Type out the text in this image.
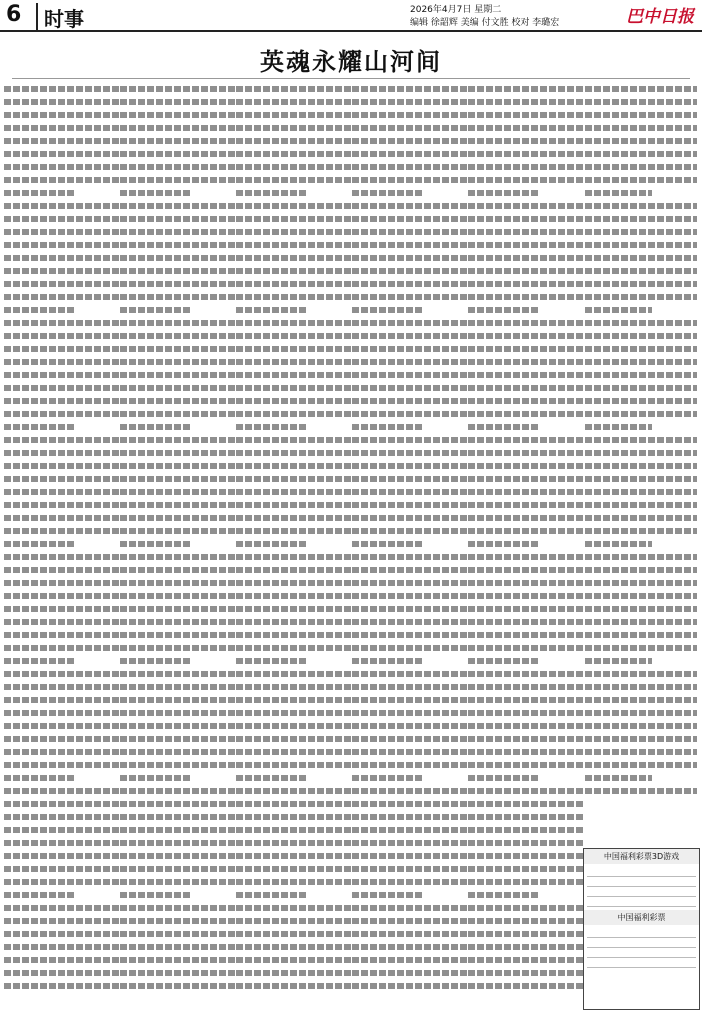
6	时事	2026年4月7日 星期二
编辑 徐韶辉 美编 付文胜 校对 李璐宏	巴中日报
英魂永耀山河间
中国福利彩票3D游戏
中国福利彩票
